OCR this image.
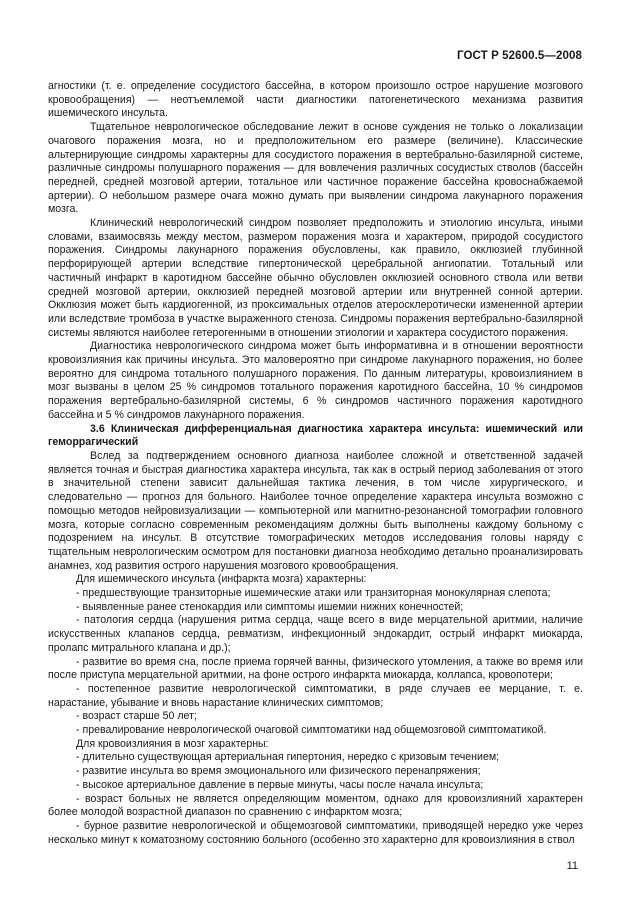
ГОСТ Р 52600.5—2008

агностики (т. е. определение сосудистого бассейна, в котором произошло острое нарушение мозгового кровообращения) — неотъемлемой части диагностики патогенетического механизма развития ишемического инсульта.

Тщательное неврологическое обследование лежит в основе суждения не только о локализации очагового поражения мозга, но и предположительном его размере (величине). Классические альтернирующие синдромы характерны для сосудистого поражения в вертебрально-базилярной системе, различные синдромы полушарного поражения — для вовлечения различных сосудистых стволов (бассейн передней, средней мозговой артерии, тотальное или частичное поражение бассейна кровоснабжаемой артерии). О небольшом размере очага можно думать при выявлении синдрома лакунарного поражения мозга.

Клинический неврологический синдром позволяет предположить и этиологию инсульта, иными словами, взаимосвязь между местом, размером поражения мозга и характером, природой сосудистого поражения. Синдромы лакунарного поражения обусловлены, как правило, окклюзией глубинной перфорирующей артерии вследствие гипертонической церебральной ангиопатии. Тотальный или частичный инфаркт в каротидном бассейне обычно обусловлен окклюзией основного ствола или ветви средней мозговой артерии, окклюзией передней мозговой артерии или внутренней сонной артерии. Окклюзия может быть кардиогенной, из проксимальных отделов атеросклеротически измененной артерии или вследствие тромбоза в участке выраженного стеноза. Синдромы поражения вертебрально-базилярной системы являются наиболее гетерогенными в отношении этиологии и характера сосудистого поражения.

Диагностика неврологического синдрома может быть информативна и в отношении вероятности кровоизлияния как причины инсульта. Это маловероятно при синдроме лакунарного поражения, но более вероятно для синдрома тотального полушарного поражения. По данным литературы, кровоизлиянием в мозг вызваны в целом 25 % синдромов тотального поражения каротидного бассейна, 10 % синдромов поражения вертебрально-базилярной системы, 6 % синдромов частичного поражения каротидного бассейна и 5 % синдромов лакунарного поражения.

3.6 Клиническая дифференциальная диагностика характера инсульта: ишемический или геморрагический

Вслед за подтверждением основного диагноза наиболее сложной и ответственной задачей является точная и быстрая диагностика характера инсульта, так как в острый период заболевания от этого в значительной степени зависит дальнейшая тактика лечения, в том числе хирургического, и следовательно — прогноз для больного. Наиболее точное определение характера инсульта возможно с помощью методов нейровизуализации — компьютерной или магнитно-резонансной томографии головного мозга, которые согласно современным рекомендациям должны быть выполнены каждому больному с подозрением на инсульт. В отсутствие томографических методов исследования головы наряду с тщательным неврологическим осмотром для постановки диагноза необходимо детально проанализировать анамнез, ход развития острого нарушения мозгового кровообращения.

Для ишемического инсульта (инфаркта мозга) характерны:

- предшествующие транзиторные ишемические атаки или транзиторная монокулярная слепота;

- выявленные ранее стенокардия или симптомы ишемии нижних конечностей;

- патология сердца (нарушения ритма сердца, чаще всего в виде мерцательной аритмии, наличие искусственных клапанов сердца, ревматизм, инфекционный эндокардит, острый инфаркт миокарда, пролапс митрального клапана и др.);

- развитие во время сна, после приема горячей ванны, физического утомления, а также во время или после приступа мерцательной аритмии, на фоне острого инфаркта миокарда, коллапса, кровопотери;

- постепенное развитие неврологической симптоматики, в ряде случаев ее мерцание, т. е. нарастание, убывание и вновь нарастание клинических симптомов;

- возраст старше 50 лет;

- превалирование неврологической очаговой симптоматики над общемозговой симптоматикой.

Для кровоизлияния в мозг характерны:

- длительно существующая артериальная гипертония, нередко с кризовым течением;

- развитие инсульта во время эмоционального или физического перенапряжения;

- высокое артериальное давление в первые минуты, часы после начала инсульта;

- возраст больных не является определяющим моментом, однако для кровоизлияний характерен более молодой возрастной диапазон по сравнению с инфарктом мозга;

- бурное развитие неврологической и общемозговой симптоматики, приводящей нередко уже через несколько минут к коматозному состоянию больного (особенно это характерно для кровоизлияния в ствол

11
